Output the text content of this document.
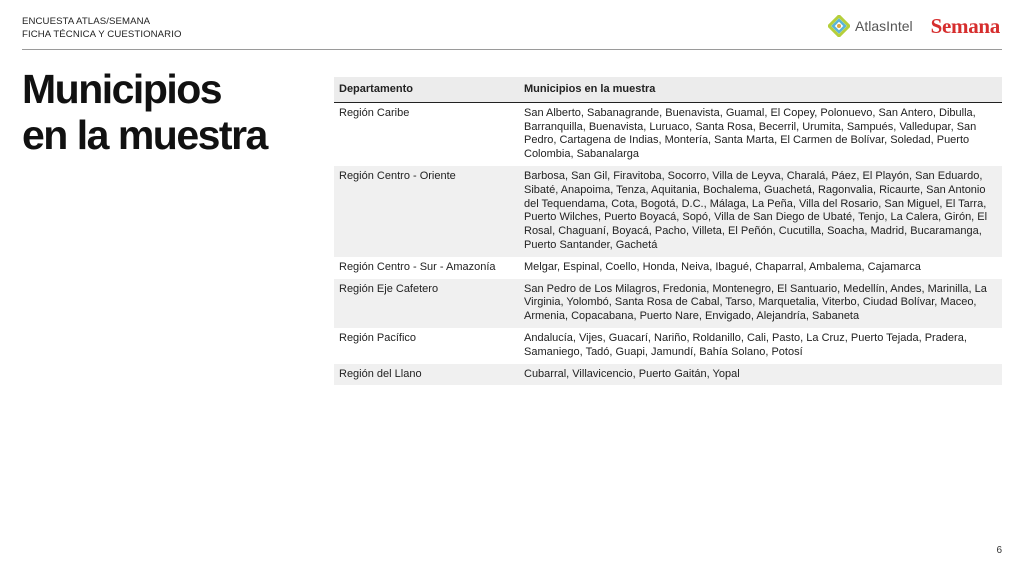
ENCUESTA ATLAS/SEMANA
FICHA TÉCNICA Y CUESTIONARIO
AtlasIntel Semana
Municipios
en la muestra
Departamento	Municipios en la muestra
Región Caribe	San Alberto, Sabanagrande, Buenavista, Guamal, El Copey, Polonuevo, San Antero, Dibulla, Barranquilla, Buenavista, Luruaco, Santa Rosa, Becerril, Urumita, Sampués, Valledupar, San Pedro, Cartagena de Indias, Montería, Santa Marta, El Carmen de Bolívar, Soledad, Puerto Colombia, Sabanalarga
Región Centro - Oriente	Barbosa, San Gil, Firavitoba, Socorro, Villa de Leyva, Charalá, Páez, El Playón, San Eduardo, Sibaté, Anapoima, Tenza, Aquitania, Bochalema, Guachetá, Ragonvalia, Ricaurte, San Antonio del Tequendama, Cota, Bogotá, D.C., Málaga, La Peña, Villa del Rosario, San Miguel, El Tarra, Puerto Wilches, Puerto Boyacá, Sopó, Villa de San Diego de Ubaté, Tenjo, La Calera, Girón, El Rosal, Chaguaní, Boyacá, Pacho, Villeta, El Peñón, Cucutilla, Soacha, Madrid, Bucaramanga, Puerto Santander, Gachetá
Región Centro - Sur - Amazonía	Melgar, Espinal, Coello, Honda, Neiva, Ibagué, Chaparral, Ambalema, Cajamarca
Región Eje Cafetero	San Pedro de Los Milagros, Fredonia, Montenegro, El Santuario, Medellín, Andes, Marinilla, La Virginia, Yolombó, Santa Rosa de Cabal, Tarso, Marquetalia, Viterbo, Ciudad Bolívar, Maceo, Armenia, Copacabana, Puerto Nare, Envigado, Alejandría, Sabaneta
Región Pacífico	Andalucía, Vijes, Guacarí, Nariño, Roldanillo, Cali, Pasto, La Cruz, Puerto Tejada, Pradera, Samaniego, Tadó, Guapi, Jamundí, Bahía Solano, Potosí
Región del Llano	Cubarral, Villavicencio, Puerto Gaitán, Yopal
6
